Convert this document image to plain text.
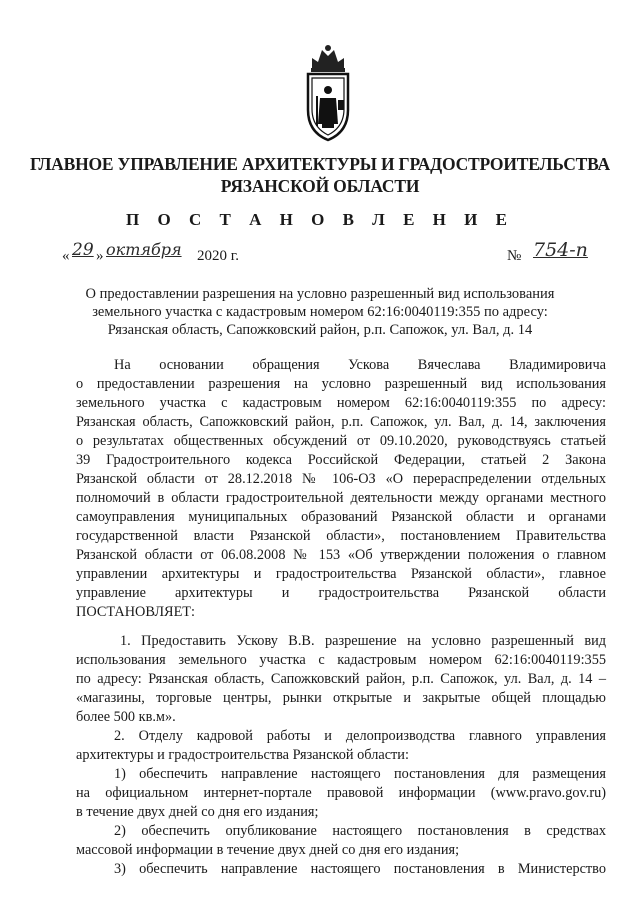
ГЛАВНОЕ УПРАВЛЕНИЕ АРХИТЕКТУРЫ И ГРАДОСТРОИТЕЛЬСТВА
РЯЗАНСКОЙ ОБЛАСТИ
П О С Т А Н О В Л Е Н И Е
« 29 » октября 2020 г.	№ 754-п
О предоставлении разрешения на условно разрешенный вид использования
земельного участка с кадастровым номером 62:16:0040119:355 по адресу:
Рязанская область, Сапожковский район, р.п. Сапожок, ул. Вал, д. 14
На основании обращения Ускова Вячеслава Владимировича
о предоставлении разрешения на условно разрешенный вид использования
земельного участка с кадастровым номером 62:16:0040119:355 по адресу:
Рязанская область, Сапожковский район, р.п. Сапожок, ул. Вал, д. 14, заключения
о результатах общественных обсуждений от 09.10.2020, руководствуясь статьей
39 Градостроительного кодекса Российской Федерации, статьей 2 Закона
Рязанской области от 28.12.2018 № 106-ОЗ «О перераспределении отдельных
полномочий в области градостроительной деятельности между органами местного
самоуправления муниципальных образований Рязанской области и органами
государственной власти Рязанской области», постановлением Правительства
Рязанской области от 06.08.2008 № 153 «Об утверждении положения о главном
управлении архитектуры и градостроительства Рязанской области», главное
управление архитектуры и градостроительства Рязанской области
ПОСТАНОВЛЯЕТ:
1. Предоставить Ускову В.В. разрешение на условно разрешенный вид
использования земельного участка с кадастровым номером 62:16:0040119:355
по адресу: Рязанская область, Сапожковский район, р.п. Сапожок, ул. Вал, д. 14 –
«магазины, торговые центры, рынки открытые и закрытые общей площадью
более 500 кв.м».
2. Отделу кадровой работы и делопроизводства главного управления
архитектуры и градостроительства Рязанской области:
1) обеспечить направление настоящего постановления для размещения
на официальном интернет-портале правовой информации (www.pravo.gov.ru)
в течение двух дней со дня его издания;
2) обеспечить опубликование настоящего постановления в средствах
массовой информации в течение двух дней со дня его издания;
3) обеспечить направление настоящего постановления в Министерство
